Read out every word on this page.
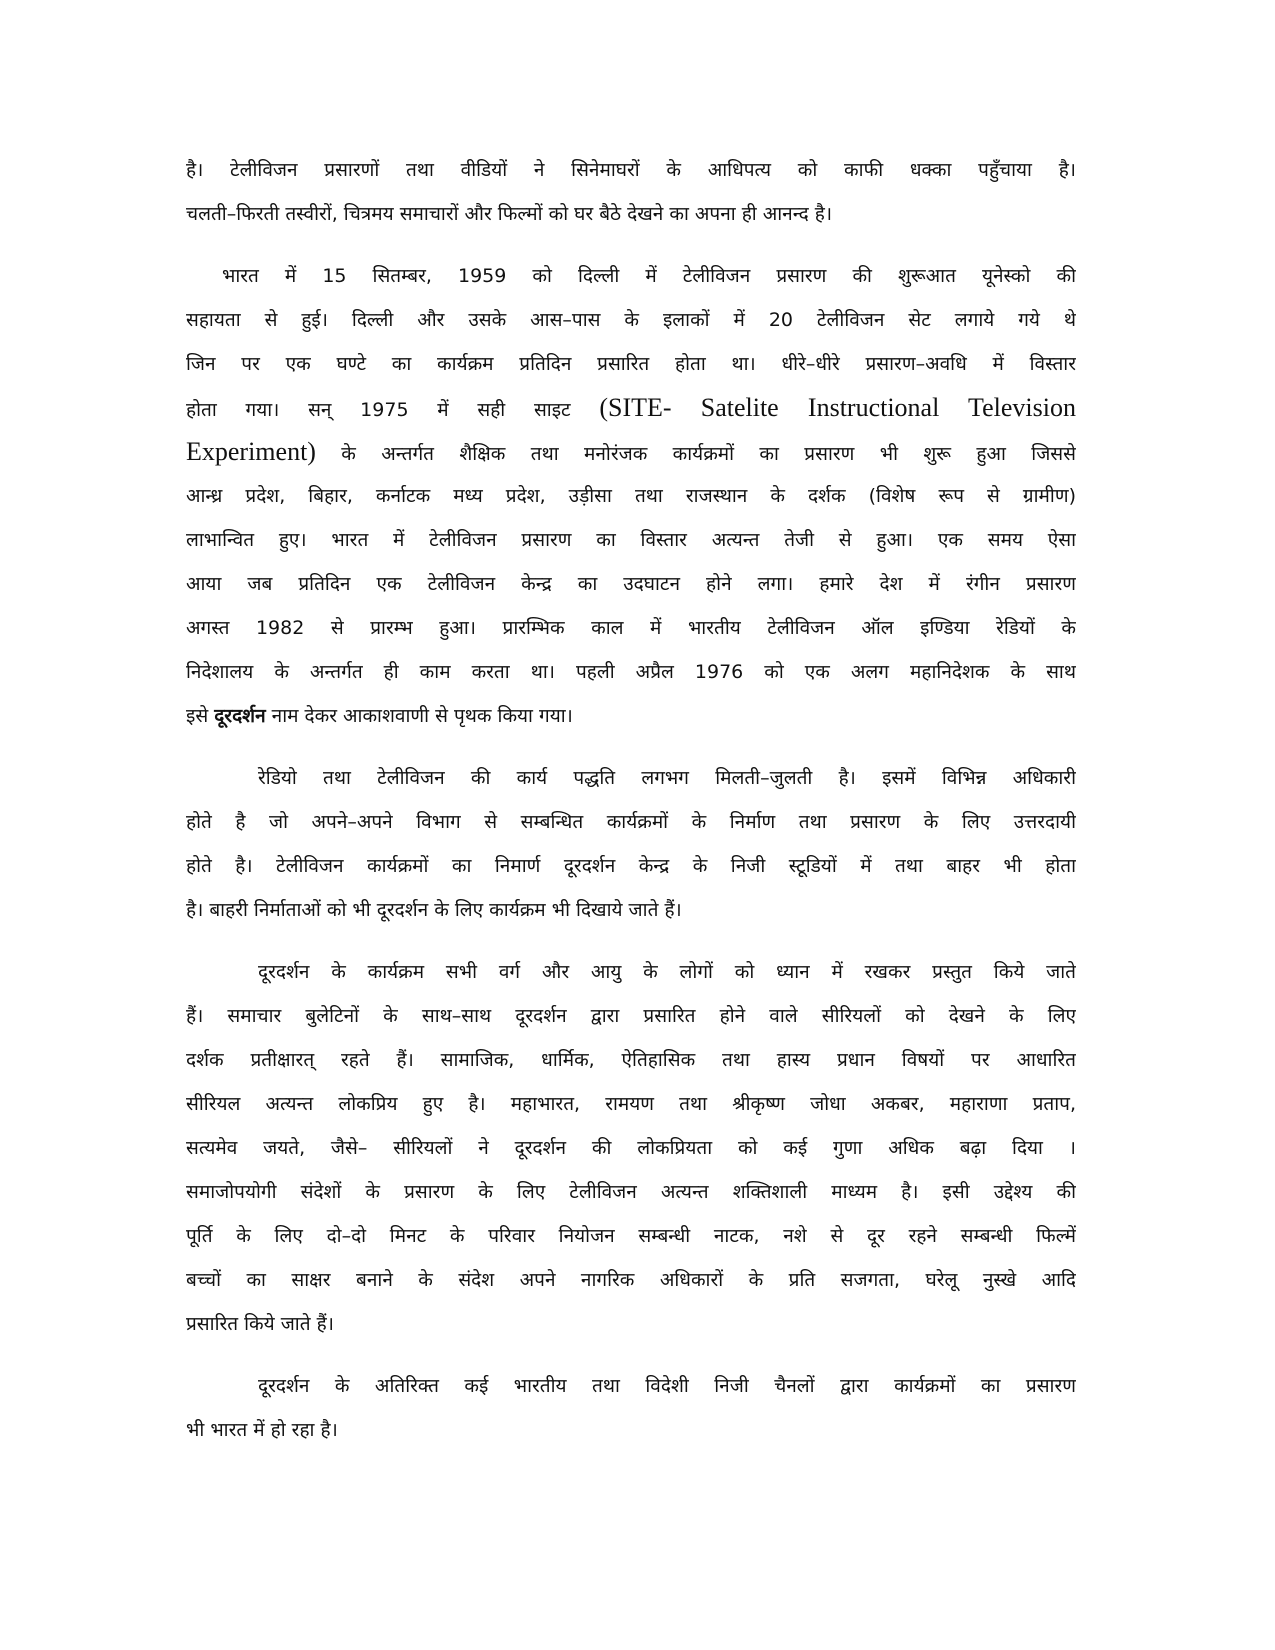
है। टेलीविजन प्रसारणों तथा वीडियों ने सिनेमाघरों के आधिपत्य को काफी धक्का पहुँचाया है।
चलती–फिरती तस्वीरों, चित्रमय समाचारों और फिल्मों को घर बैठे देखने का अपना ही आनन्द है।
भारत में 15 सितम्बर, 1959 को दिल्ली में टेलीविजन प्रसारण की शुरूआत यूनेस्को की
सहायता से हुई। दिल्ली और उसके आस–पास के इलाकों में 20 टेलीविजन सेट लगाये गये थे
जिन पर एक घण्टे का कार्यक्रम प्रतिदिन प्रसारित होता था। धीरे–धीरे प्रसारण–अवधि में विस्तार
होता गया। सन् 1975 में सही साइट (SITE- Satelite Instructional Television
Experiment) के अन्तर्गत शैक्षिक तथा मनोरंजक कार्यक्रमों का प्रसारण भी शुरू हुआ जिससे
आन्ध्र प्रदेश, बिहार, कर्नाटक मध्य प्रदेश, उड़ीसा तथा राजस्थान के दर्शक (विशेष रूप से ग्रामीण)
लाभान्वित हुए। भारत में टेलीविजन प्रसारण का विस्तार अत्यन्त तेजी से हुआ। एक समय ऐसा
आया जब प्रतिदिन एक टेलीविजन केन्द्र का उदघाटन होने लगा। हमारे देश में रंगीन प्रसारण
अगस्त 1982 से प्रारम्भ हुआ। प्रारम्भिक काल में भारतीय टेलीविजन ऑल इण्डिया रेडियों के
निदेशालय के अन्तर्गत ही काम करता था। पहली अप्रैल 1976 को एक अलग महानिदेशक के साथ
इसे दूरदर्शन नाम देकर आकाशवाणी से पृथक किया गया।
रेडियो तथा टेलीविजन की कार्य पद्धति लगभग मिलती–जुलती है। इसमें विभिन्न अधिकारी
होते है जो अपने–अपने विभाग से सम्बन्धित कार्यक्रमों के निर्माण तथा प्रसारण के लिए उत्तरदायी
होते है। टेलीविजन कार्यक्रमों का निमार्ण दूरदर्शन केन्द्र के निजी स्टूडियों में तथा बाहर भी होता
है। बाहरी निर्माताओं को भी दूरदर्शन के लिए कार्यक्रम भी दिखाये जाते हैं।
दूरदर्शन के कार्यक्रम सभी वर्ग और आयु के लोगों को ध्यान में रखकर प्रस्तुत किये जाते
हैं। समाचार बुलेटिनों के साथ–साथ दूरदर्शन द्वारा प्रसारित होने वाले सीरियलों को देखने के लिए
दर्शक प्रतीक्षारत् रहते हैं। सामाजिक, धार्मिक, ऐतिहासिक तथा हास्य प्रधान विषयों पर आधारित
सीरियल अत्यन्त लोकप्रिय हुए है। महाभारत, रामयण तथा श्रीकृष्ण जोधा अकबर, महाराणा प्रताप,
सत्यमेव जयते, जैसे– सीरियलों ने दूरदर्शन की लोकप्रियता को कई गुणा अधिक बढ़ा दिया ।
समाजोपयोगी संदेशों के प्रसारण के लिए टेलीविजन अत्यन्त शक्तिशाली माध्यम है। इसी उद्देश्य की
पूर्ति के लिए दो–दो मिनट के परिवार नियोजन सम्बन्धी नाटक, नशे से दूर रहने सम्बन्धी फिल्में
बच्चों का साक्षर बनाने के संदेश अपने नागरिक अधिकारों के प्रति सजगता, घरेलू नुस्खे आदि
प्रसारित किये जाते हैं।
दूरदर्शन के अतिरिक्त कई भारतीय तथा विदेशी निजी चैनलों द्वारा कार्यक्रमों का प्रसारण
भी भारत में हो रहा है।
